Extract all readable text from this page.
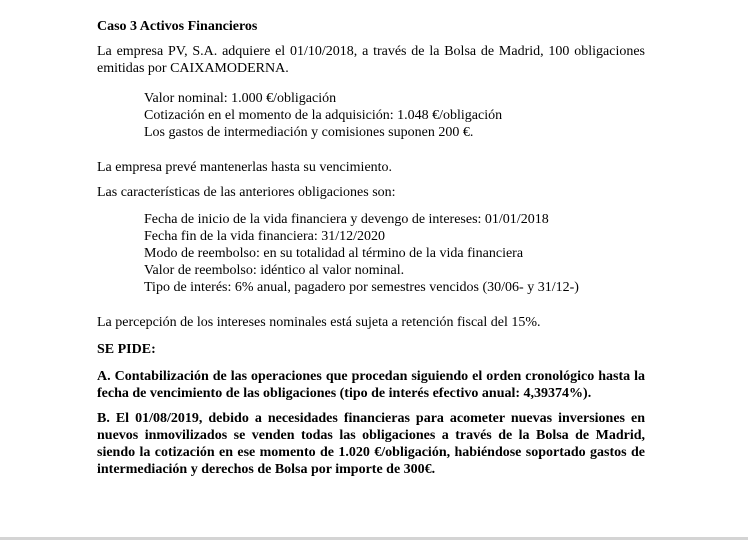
Caso 3 Activos Financieros

La empresa PV, S.A. adquiere el 01/10/2018, a través de la Bolsa de Madrid, 100 obligaciones emitidas por CAIXAMODERNA.

Valor nominal: 1.000 €/obligación
Cotización en el momento de la adquisición: 1.048 €/obligación
Los gastos de intermediación y comisiones suponen 200 €.

La empresa prevé mantenerlas hasta su vencimiento.

Las características de las anteriores obligaciones son:

Fecha de inicio de la vida financiera y devengo de intereses: 01/01/2018
Fecha fin de la vida financiera: 31/12/2020
Modo de reembolso: en su totalidad al término de la vida financiera
Valor de reembolso: idéntico al valor nominal.
Tipo de interés: 6% anual, pagadero por semestres vencidos (30/06- y 31/12-)

La percepción de los intereses nominales está sujeta a retención fiscal del 15%.

SE PIDE:

A. Contabilización de las operaciones que procedan siguiendo el orden cronológico hasta la fecha de vencimiento de las obligaciones (tipo de interés efectivo anual: 4,39374%).

B. El 01/08/2019, debido a necesidades financieras para acometer nuevas inversiones en nuevos inmovilizados se venden todas las obligaciones a través de la Bolsa de Madrid, siendo la cotización en ese momento de 1.020 €/obligación, habiéndose soportado gastos de intermediación y derechos de Bolsa por importe de 300€.
